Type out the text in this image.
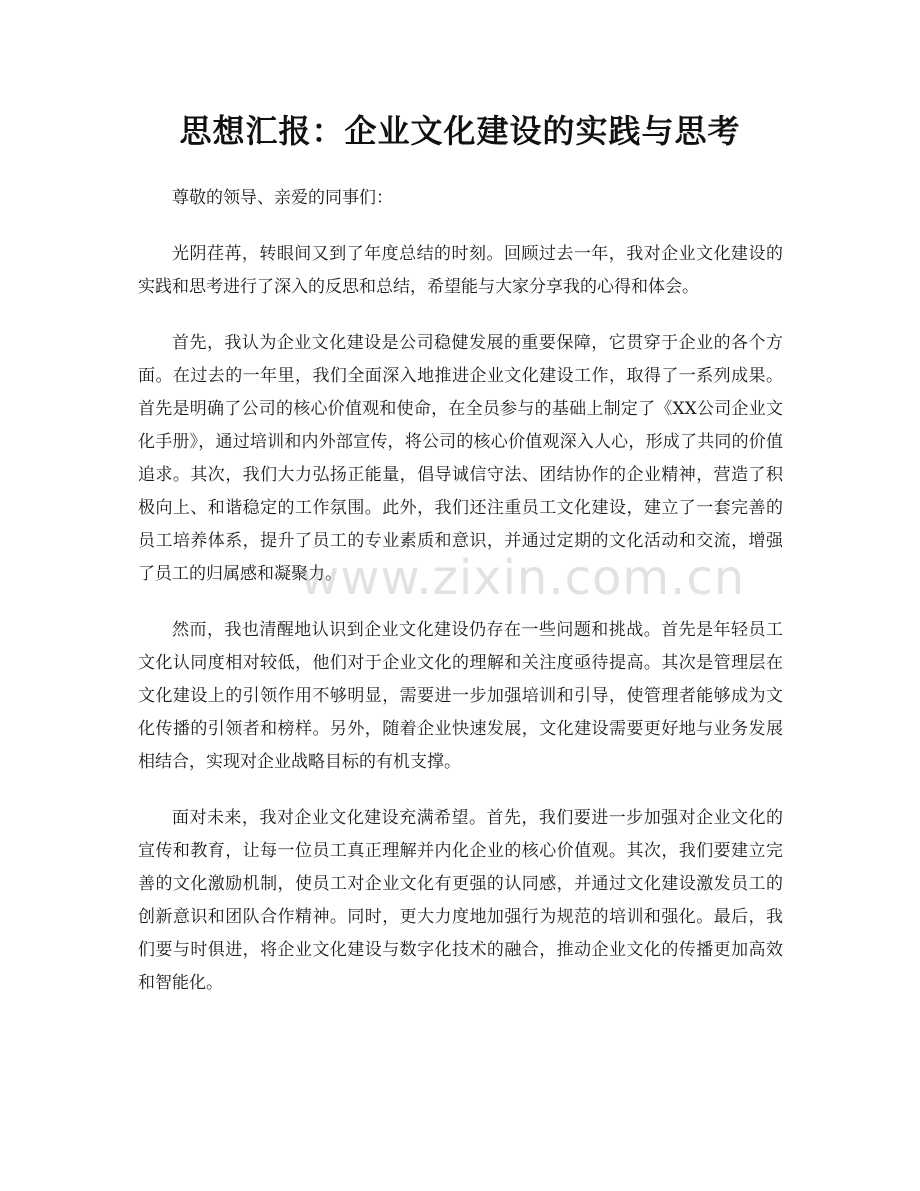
思想汇报：企业文化建设的实践与思考

尊敬的领导、亲爱的同事们：

光阴荏苒，转眼间又到了年度总结的时刻。回顾过去一年，我对企业文化建设的实践和思考进行了深入的反思和总结，希望能与大家分享我的心得和体会。

首先，我认为企业文化建设是公司稳健发展的重要保障，它贯穿于企业的各个方面。在过去的一年里，我们全面深入地推进企业文化建设工作，取得了一系列成果。首先是明确了公司的核心价值观和使命，在全员参与的基础上制定了《XX公司企业文化手册》，通过培训和内外部宣传，将公司的核心价值观深入人心，形成了共同的价值追求。其次，我们大力弘扬正能量，倡导诚信守法、团结协作的企业精神，营造了积极向上、和谐稳定的工作氛围。此外，我们还注重员工文化建设，建立了一套完善的员工培养体系，提升了员工的专业素质和意识，并通过定期的文化活动和交流，增强了员工的归属感和凝聚力。

然而，我也清醒地认识到企业文化建设仍存在一些问题和挑战。首先是年轻员工文化认同度相对较低，他们对于企业文化的理解和关注度亟待提高。其次是管理层在文化建设上的引领作用不够明显，需要进一步加强培训和引导，使管理者能够成为文化传播的引领者和榜样。另外，随着企业快速发展，文化建设需要更好地与业务发展相结合，实现对企业战略目标的有机支撑。

面对未来，我对企业文化建设充满希望。首先，我们要进一步加强对企业文化的宣传和教育，让每一位员工真正理解并内化企业的核心价值观。其次，我们要建立完善的文化激励机制，使员工对企业文化有更强的认同感，并通过文化建设激发员工的创新意识和团队合作精神。同时，更大力度地加强行为规范的培训和强化。最后，我们要与时俱进，将企业文化建设与数字化技术的融合，推动企业文化的传播更加高效和智能化。

www.zixin.com.cn
